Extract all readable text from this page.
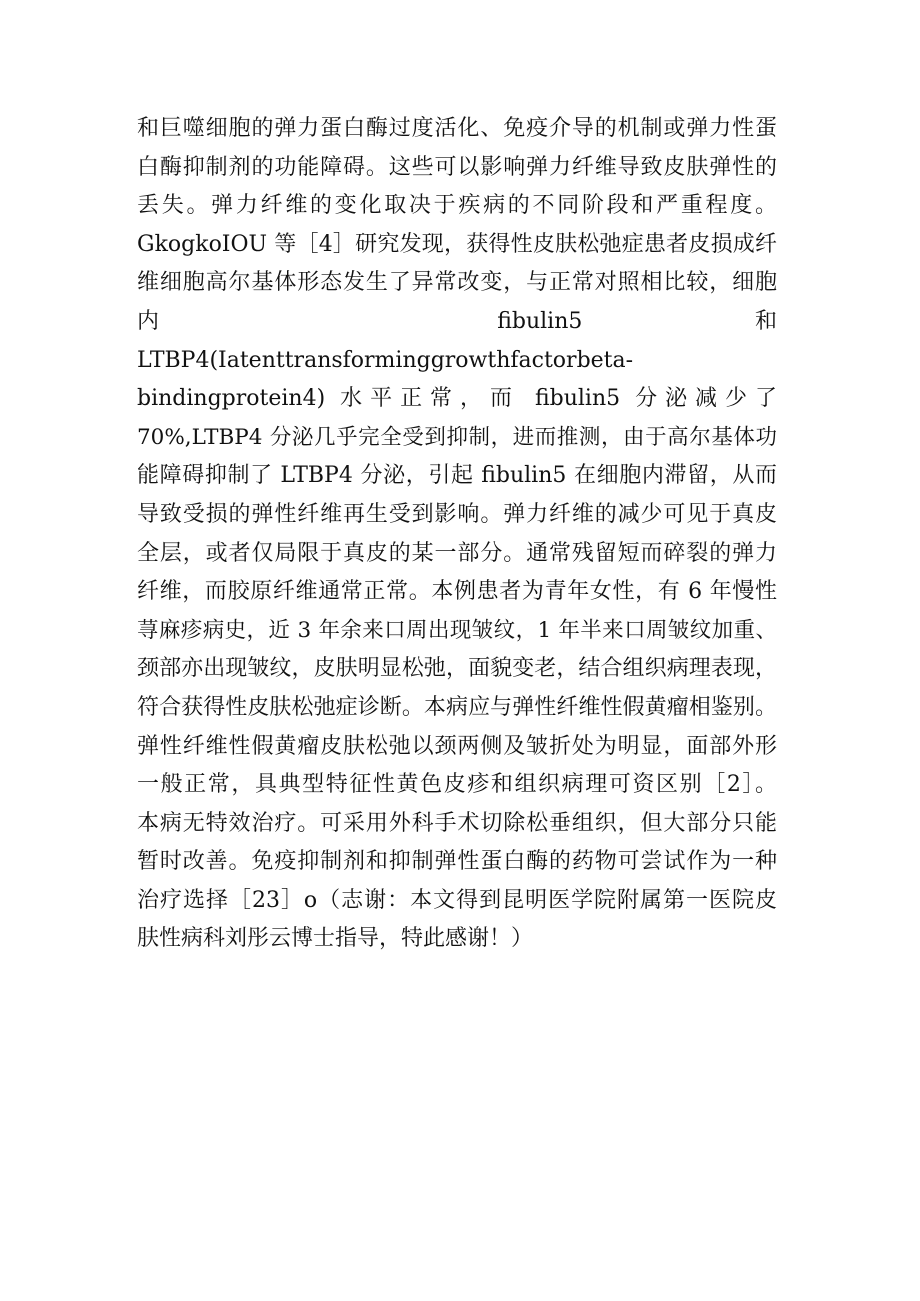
和巨噬细胞的弹力蛋白酶过度活化、免疫介导的机制或弹力性蛋
白酶抑制剂的功能障碍。这些可以影响弹力纤维导致皮肤弹性的
丢失。弹力纤维的变化取决于疾病的不同阶段和严重程度。
GkogkoIOU 等［4］研究发现，获得性皮肤松弛症患者皮损成纤
维细胞高尔基体形态发生了异常改变，与正常对照相比较，细胞
内 fibulin5 和
LTBP4(Iatenttransforminggrowthfactorbeta-
bindingprotein4) 水平正常，而 fibulin5 分泌减少了
70%,LTBP4 分泌几乎完全受到抑制，进而推测，由于高尔基体功
能障碍抑制了 LTBP4 分泌，引起 fibulin5 在细胞内滞留，从而
导致受损的弹性纤维再生受到影响。弹力纤维的减少可见于真皮
全层，或者仅局限于真皮的某一部分。通常残留短而碎裂的弹力
纤维，而胶原纤维通常正常。本例患者为青年女性，有 6 年慢性
荨麻疹病史，近 3 年余来口周出现皱纹，1 年半来口周皱纹加重、
颈部亦出现皱纹，皮肤明显松弛，面貌变老，结合组织病理表现，
符合获得性皮肤松弛症诊断。本病应与弹性纤维性假黄瘤相鉴别。
弹性纤维性假黄瘤皮肤松弛以颈两侧及皱折处为明显，面部外形
一般正常，具典型特征性黄色皮疹和组织病理可资区别［2］。
本病无特效治疗。可采用外科手术切除松垂组织，但大部分只能
暂时改善。免疫抑制剂和抑制弹性蛋白酶的药物可尝试作为一种
治疗选择［23］o（志谢：本文得到昆明医学院附属第一医院皮
肤性病科刘彤云博士指导，特此感谢！）
